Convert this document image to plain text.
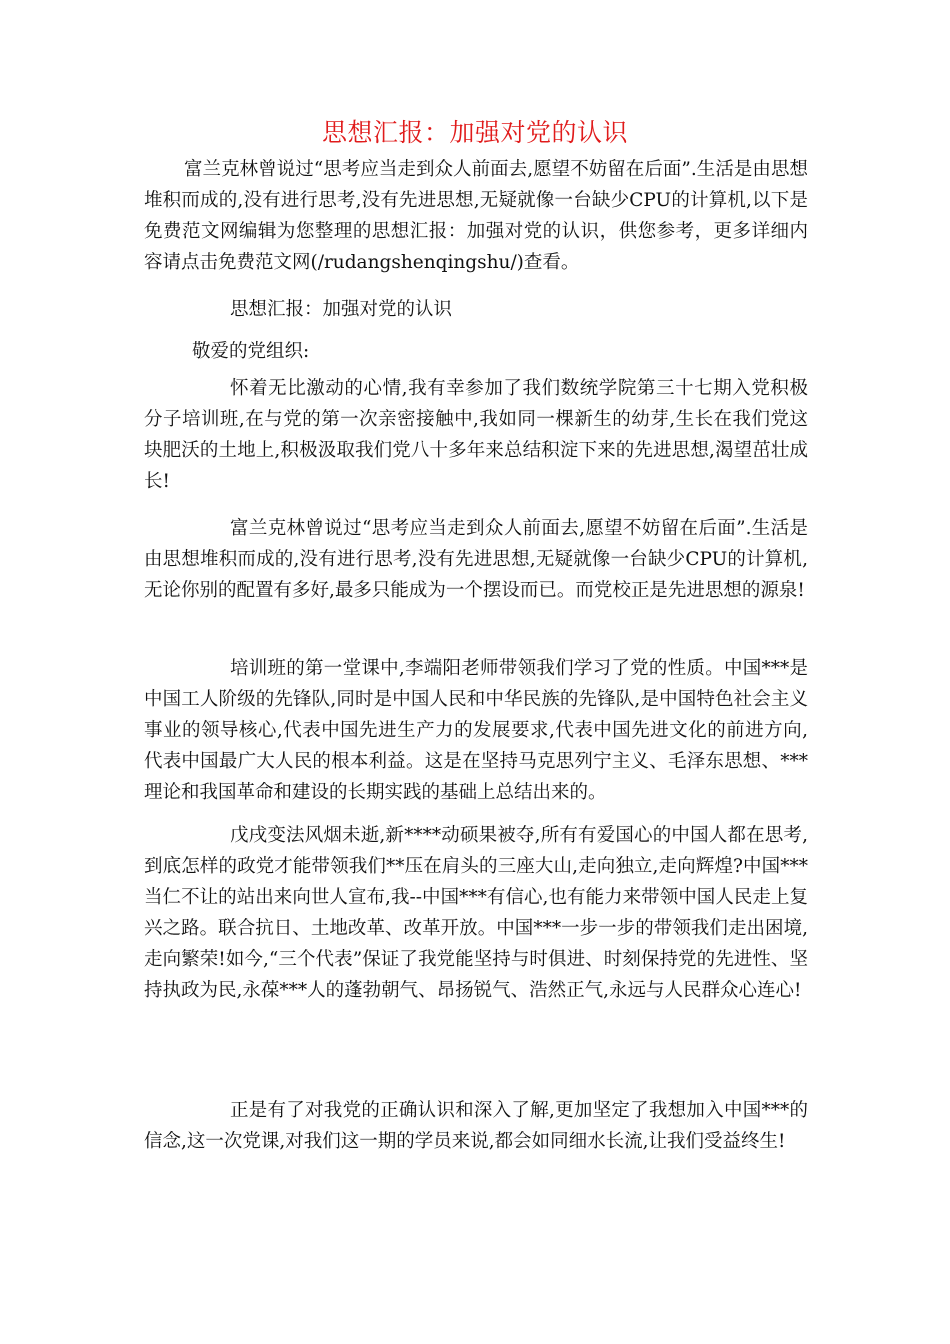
思想汇报：加强对党的认识
富兰克林曾说过“思考应当走到众人前面去,愿望不妨留在后面”.生活是由思想堆积而成的,没有进行思考,没有先进思想,无疑就像一台缺少CPU的计算机,以下是免费范文网编辑为您整理的思想汇报：加强对党的认识，供您参考，更多详细内容请点击免费范文网(/rudangshenqingshu/)查看。
思想汇报：加强对党的认识
敬爱的党组织:
怀着无比激动的心情,我有幸参加了我们数统学院第三十七期入党积极分子培训班,在与党的第一次亲密接触中,我如同一棵新生的幼芽,生长在我们党这块肥沃的土地上,积极汲取我们党八十多年来总结积淀下来的先进思想,渴望茁壮成长!
富兰克林曾说过“思考应当走到众人前面去,愿望不妨留在后面”.生活是由思想堆积而成的,没有进行思考,没有先进思想,无疑就像一台缺少CPU的计算机,无论你别的配置有多好,最多只能成为一个摆设而已。而党校正是先进思想的源泉!
培训班的第一堂课中,李端阳老师带领我们学习了党的性质。中国***是中国工人阶级的先锋队,同时是中国人民和中华民族的先锋队,是中国特色社会主义事业的领导核心,代表中国先进生产力的发展要求,代表中国先进文化的前进方向,代表中国最广大人民的根本利益。这是在坚持马克思列宁主义、毛泽东思想、***理论和我国革命和建设的长期实践的基础上总结出来的。
戊戌变法风烟未逝,新****动硕果被夺,所有有爱国心的中国人都在思考,到底怎样的政党才能带领我们**压在肩头的三座大山,走向独立,走向辉煌?中国***当仁不让的站出来向世人宣布,我--中国***有信心,也有能力来带领中国人民走上复兴之路。联合抗日、土地改革、改革开放。中国***一步一步的带领我们走出困境,走向繁荣!如今,“三个代表”保证了我党能坚持与时俱进、时刻保持党的先进性、坚持执政为民,永葆***人的蓬勃朝气、昂扬锐气、浩然正气,永远与人民群众心连心!
正是有了对我党的正确认识和深入了解,更加坚定了我想加入中国***的信念,这一次党课,对我们这一期的学员来说,都会如同细水长流,让我们受益终生!
